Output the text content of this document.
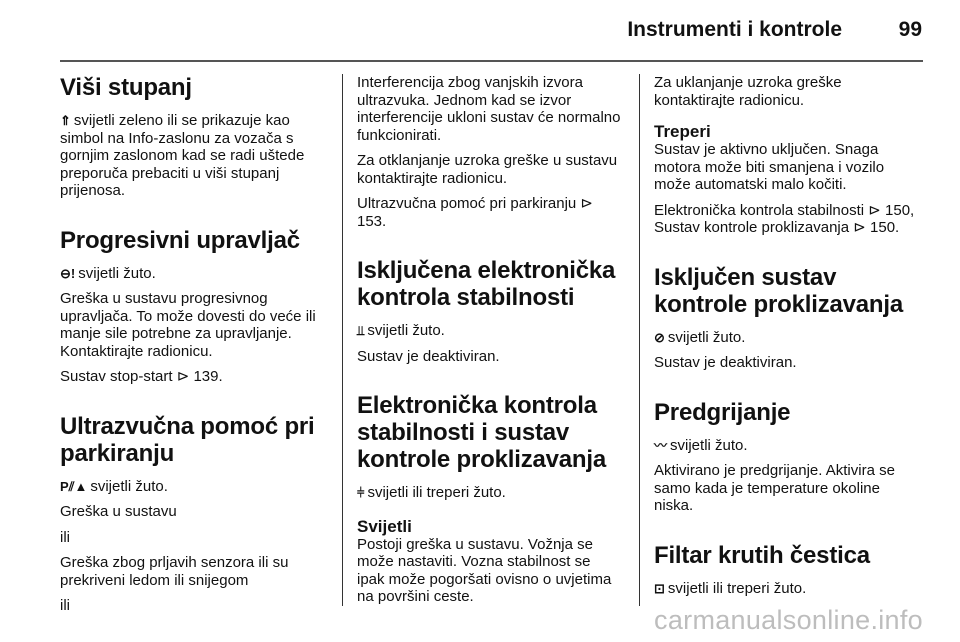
Instrumenti i kontrole	99
Viši stupanj

⇑ svijetli zeleno ili se prikazuje kao simbol na Info-zaslonu za vozača s gornjim zaslonom kad se radi uštede preporuča prebaciti u viši stupanj prijenosa.

Progresivni upravljač

⊖! svijetli žuto.

Greška u sustavu progresivnog upravljača. To može dovesti do veće ili manje sile potrebne za upravljanje. Kontaktirajte radionicu.

Sustav stop-start ⊳ 139.

Ultrazvučna pomoć pri parkiranju

P⫽▲ svijetli žuto.

Greška u sustavu

ili

Greška zbog prljavih senzora ili su prekriveni ledom ili snijegom

ili

Interferencija zbog vanjskih izvora ultrazvuka. Jednom kad se izvor interferencije ukloni sustav će normalno funkcionirati.

Za otklanjanje uzroka greške u sustavu kontaktirajte radionicu.

Ultrazvučna pomoć pri parkiranju ⊳ 153.

Isključena elektronička kontrola stabilnosti

⫫ svijetli žuto.

Sustav je deaktiviran.

Elektronička kontrola stabilnosti i sustav kontrole proklizavanja

⫩ svijetli ili treperi žuto.

Svijetli

Postoji greška u sustavu. Vožnja se može nastaviti. Vozna stabilnost se ipak može pogoršati ovisno o uvjetima na površini ceste.

Za uklanjanje uzroka greške kontaktirajte radionicu.

Treperi

Sustav je aktivno uključen. Snaga motora može biti smanjena i vozilo može automatski malo kočiti.

Elektronička kontrola stabilnosti ⊳ 150, Sustav kontrole proklizavanja ⊳ 150.

Isključen sustav kontrole proklizavanja

⊘ svijetli žuto.

Sustav je deaktiviran.

Predgrijanje

〰 svijetli žuto.

Aktivirano je predgrijanje. Aktivira se samo kada je temperature okoline niska.

Filtar krutih čestica

⊡ svijetli ili treperi žuto.

carmanualsonline.info
